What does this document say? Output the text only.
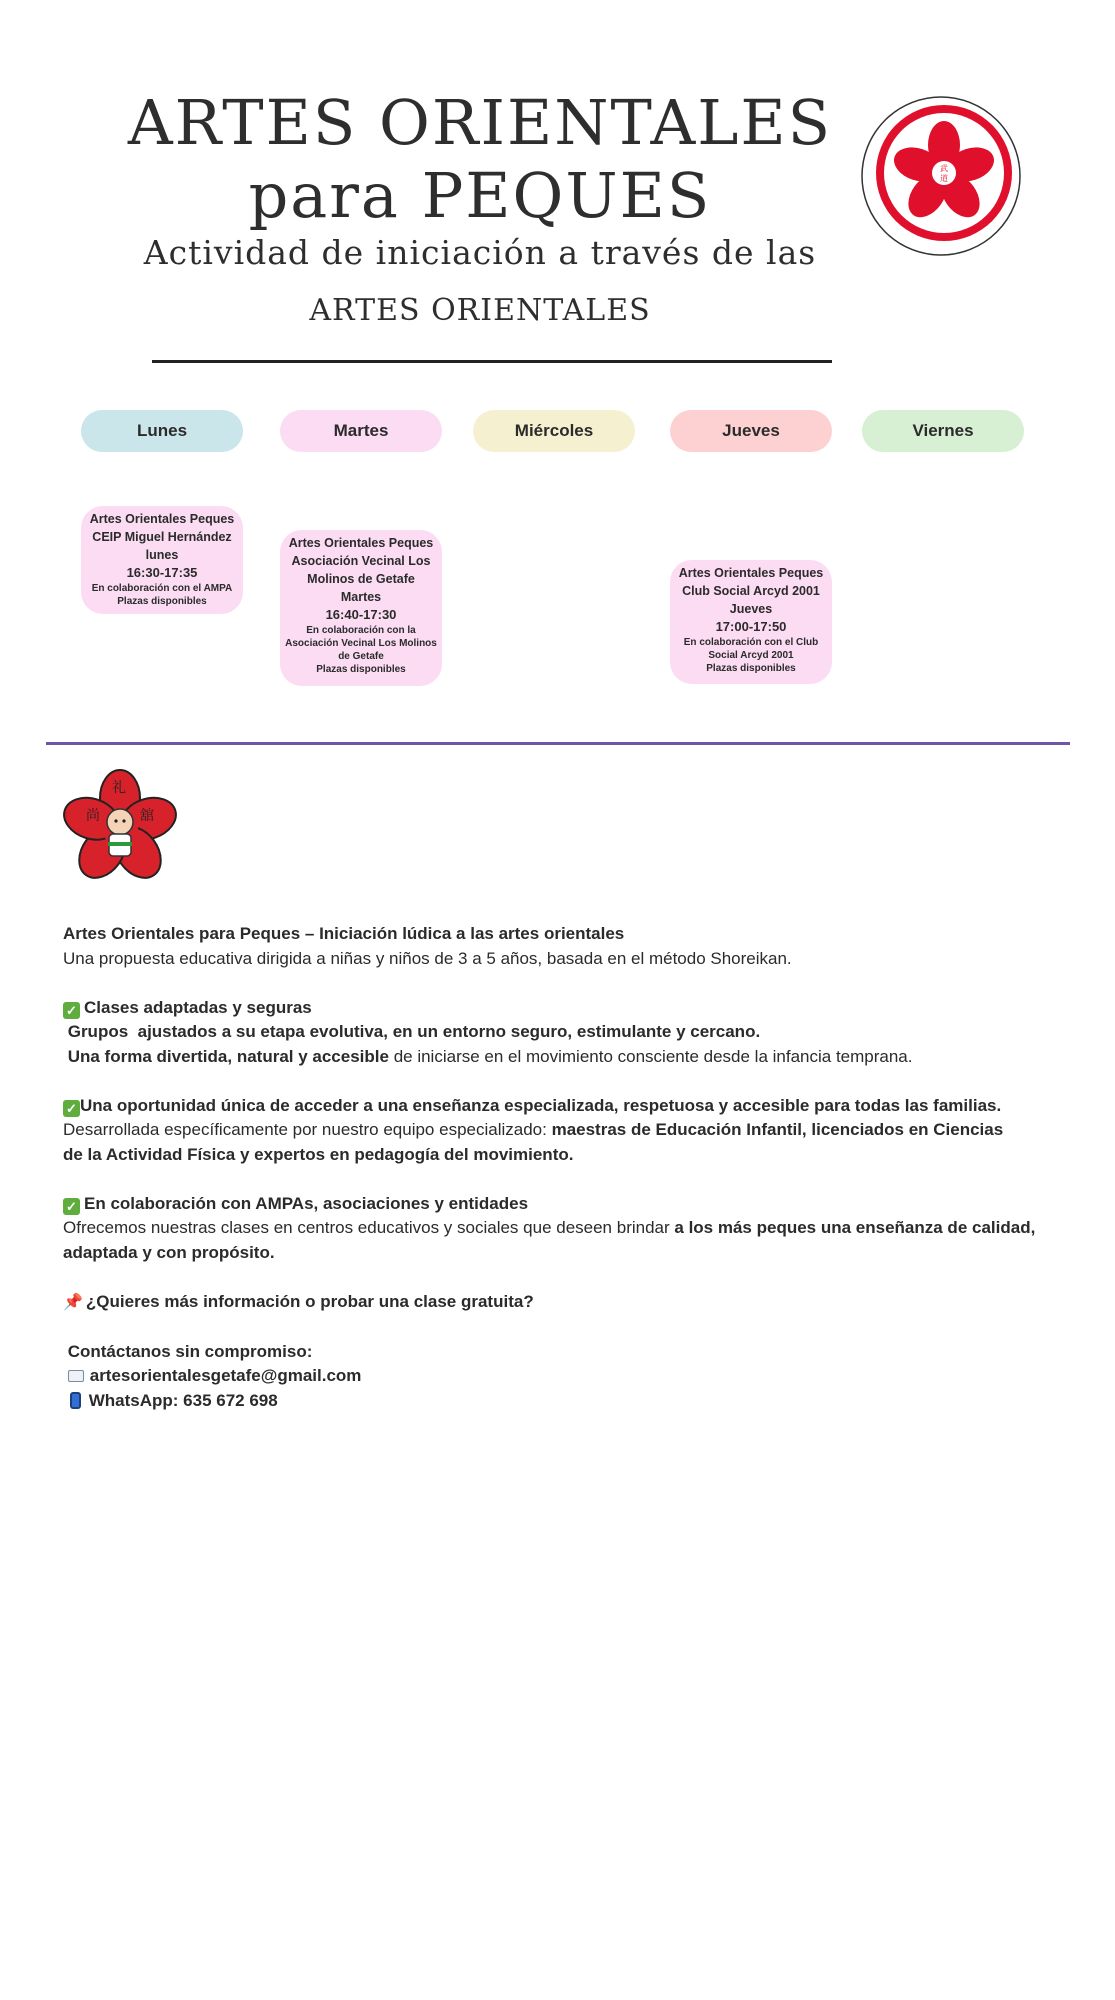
ARTES ORIENTALES
para PEQUES
Actividad de iniciación a través de las
ARTES ORIENTALES
武
道
Lunes	Martes	Miércoles	Jueves	Viernes
Artes Orientales Peques
CEIP Miguel Hernández
lunes
16:30-17:35
En colaboración con el AMPA
Plazas disponibles
Artes Orientales Peques
Asociación Vecinal Los
Molinos de Getafe
Martes
16:40-17:30
En colaboración con la
Asociación Vecinal Los Molinos
de Getafe
Plazas disponibles
Artes Orientales Peques
Club Social Arcyd 2001
Jueves
17:00-17:50
En colaboración con el Club
Social Arcyd 2001
Plazas disponibles
尚
礼
舘

Artes Orientales para Peques – Iniciación lúdica a las artes orientales

Una propuesta educativa dirigida a niñas y niños de 3 a 5 años, basada en el método Shoreikan.

✓ Clases adaptadas y seguras

Grupos  ajustados a su etapa evolutiva, en un entorno seguro, estimulante y cercano.

Una forma divertida, natural y accesible de iniciarse en el movimiento consciente desde la infancia temprana.

✓ Una oportunidad única de acceder a una enseñanza especializada, respetuosa y accesible para todas las familias.

Desarrollada específicamente por nuestro equipo especializado: maestras de Educación Infantil, licenciados en Ciencias

de la Actividad Física y expertos en pedagogía del movimiento.

✓ En colaboración con AMPAs, asociaciones y entidades

Ofrecemos nuestras clases en centros educativos y sociales que deseen brindar a los más peques una enseñanza de calidad,

adaptada y con propósito.

📌 ¿Quieres más información o probar una clase gratuita?

Contáctanos sin compromiso:

artesorientalesgetafe@gmail.com

WhatsApp: 635 672 698
